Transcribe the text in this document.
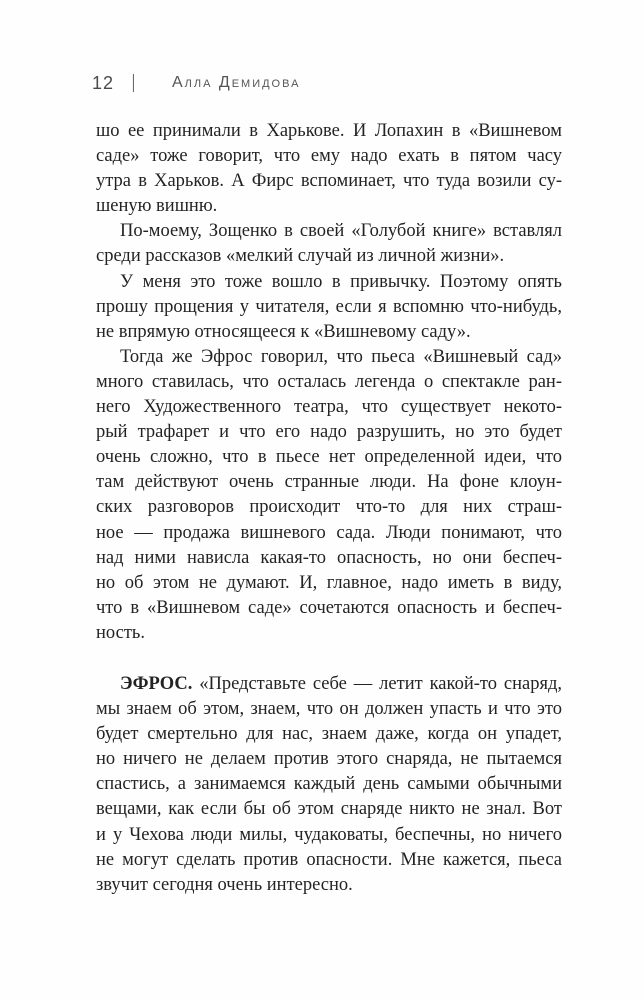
12 | Алла Демидова
шо ее принимали в Харькове. И Лопахин в «Вишневом
саде» тоже говорит, что ему надо ехать в пятом часу
утра в Харьков. А Фирс вспоминает, что туда возили су-
шеную вишню.
По-моему, Зощенко в своей «Голубой книге» вставлял
среди рассказов «мелкий случай из личной жизни».
У меня это тоже вошло в привычку. Поэтому опять
прошу прощения у читателя, если я вспомню что-нибудь,
не впрямую относящееся к «Вишневому саду».
Тогда же Эфрос говорил, что пьеса «Вишневый сад»
много ставилась, что осталась легенда о спектакле ран-
него Художественного театра, что существует некото-
рый трафарет и что его надо разрушить, но это будет
очень сложно, что в пьесе нет определенной идеи, что
там действуют очень странные люди. На фоне клоун-
ских разговоров происходит что-то для них страш-
ное — продажа вишневого сада. Люди понимают, что
над ними нависла какая-то опасность, но они беспеч-
но об этом не думают. И, главное, надо иметь в виду,
что в «Вишневом саде» сочетаются опасность и беспеч-
ность.
ЭФРОС. «Представьте себе — летит какой-то снаряд,
мы знаем об этом, знаем, что он должен упасть и что это
будет смертельно для нас, знаем даже, когда он упадет,
но ничего не делаем против этого снаряда, не пытаемся
спастись, а занимаемся каждый день самыми обычными
вещами, как если бы об этом снаряде никто не знал. Вот
и у Чехова люди милы, чудаковаты, беспечны, но ничего
не могут сделать против опасности. Мне кажется, пьеса
звучит сегодня очень интересно.
